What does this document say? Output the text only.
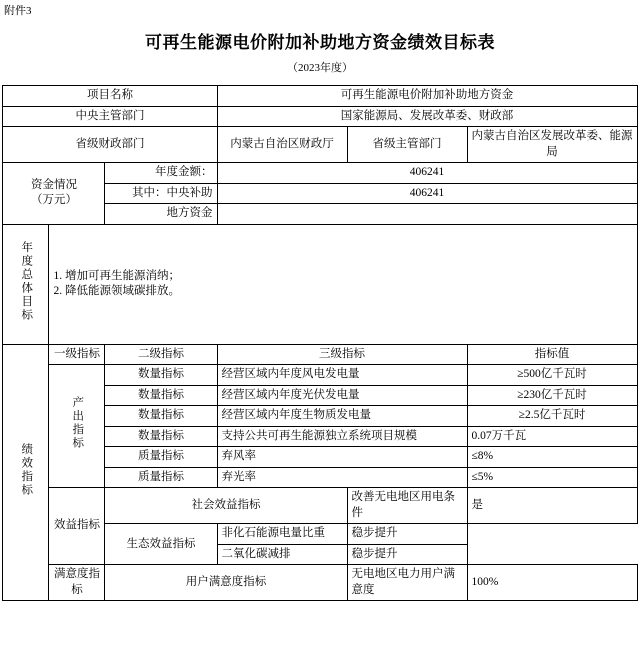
附件3
可再生能源电价附加补助地方资金绩效目标表
（2023年度）
项目名称			可再生能源电价附加补助地方资金		
中央主管部门			国家能源局、发展改革委、财政部		
省级财政部门			内蒙古自治区财政厅	省级主管部门	内蒙古自治区发展改革委、能源局

资金情况
（万元）		年度金额：	406241		
		其中：中央补助	406241		
		地方资金			
年度总体目标	1. 增加可再生能源消纳；
2. 降低能源领域碳排放。				

绩效指标	一级指标	二级指标	三级指标		指标值
	产出指标	数量指标	经营区域内年度风电发电量		≥500亿千瓦时
		数量指标	经营区域内年度光伏发电量		≥230亿千瓦时
		数量指标	经营区域内年度生物质发电量		≥2.5亿千瓦时
		数量指标	支持公共可再生能源独立系统项目规模		0.07万千瓦
		质量指标	弃风率		≤8%
		质量指标	弃光率		≤5%
	效益指标	社会效益指标		改善无电地区用电条件	是
		生态效益指标	非化石能源电量比重	稳步提升	
			二氧化碳减排	稳步提升	
	满意度指标	用户满意度指标		无电地区电力用户满意度	100%
